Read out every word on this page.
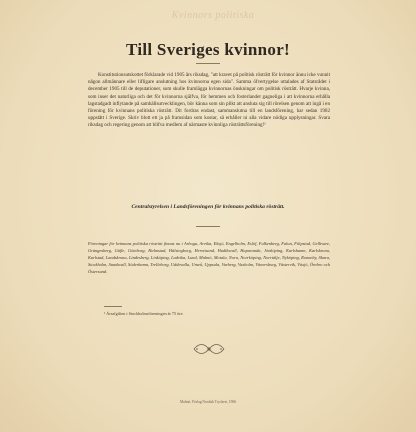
Kvinnors politiska
Till Sveriges kvinnor!
Konstitutionsutskottet förklarade vid 1905 års riksdag, "att kravet på politisk rösträtt för kvinnor ännu icke vunnit någon allmännare eller lifligare anslutning hos kvinnorna egen sida". Samma öfvertygelse uttalades af Statsrådet i december 1905 till de deputationer, som skulle framlägga kvinnornas önskningar om politisk rösträtt. Hvarje kvinna, som inser det naturliga och det för kvinnorna själfva, för hemmen och fosterlandet gagneliga i att kvinnorna erhålla lagstadgadt inflytande på samhällsutvecklingen, bör känna som sin plikt att ansluta sig till rörelsen genom att ingå i en förening för kvinnans politiska rösträtt. Dit fordras endast, sammanslutna till en landsförening, har sedan 1902 uppstått i Sverige. Skriv blott ett ja på framsidan som kostar, så erhåller ni alla vidare nödiga upplysningar. Svara riksdag och regering genom att blifva medlem af närmaste kvinnliga rösträttsförening!¹
Centralstyrelsen i Landsföreningen för kvinnans politiska rösträtt.
Föreningar för kvinnans politiska rösträtt finnas nu i Arboga, Arvika, Eksjö, Engelholm, Eslöf, Falkenberg, Falun, Filipstad, Gellivare, Grängesberg, Gäfle, Göteborg, Halmstad, Hälsingborg, Hernösand, Hudiksvall, Haparanda, Jönköping, Karlshamn, Karlskrona, Karlstad, Landskrona, Lindesberg, Linköping, Ludvika, Lund, Malmö, Motala, Nora, Norrköping, Norrtälje, Nyköping, Ronneby, Skara, Stockholm, Sundsvall, Söderhamn, Trelleborg, Uddevalla, Umeå, Uppsala, Varberg, Vaxholm, Vänersborg, Västervik, Växjö, Örebro och Östersund.
¹ Årsafgiften i Stockholmsföreningen är 75 öre.
Malmö, Förlag Nordisk Tryckeri, 1906
